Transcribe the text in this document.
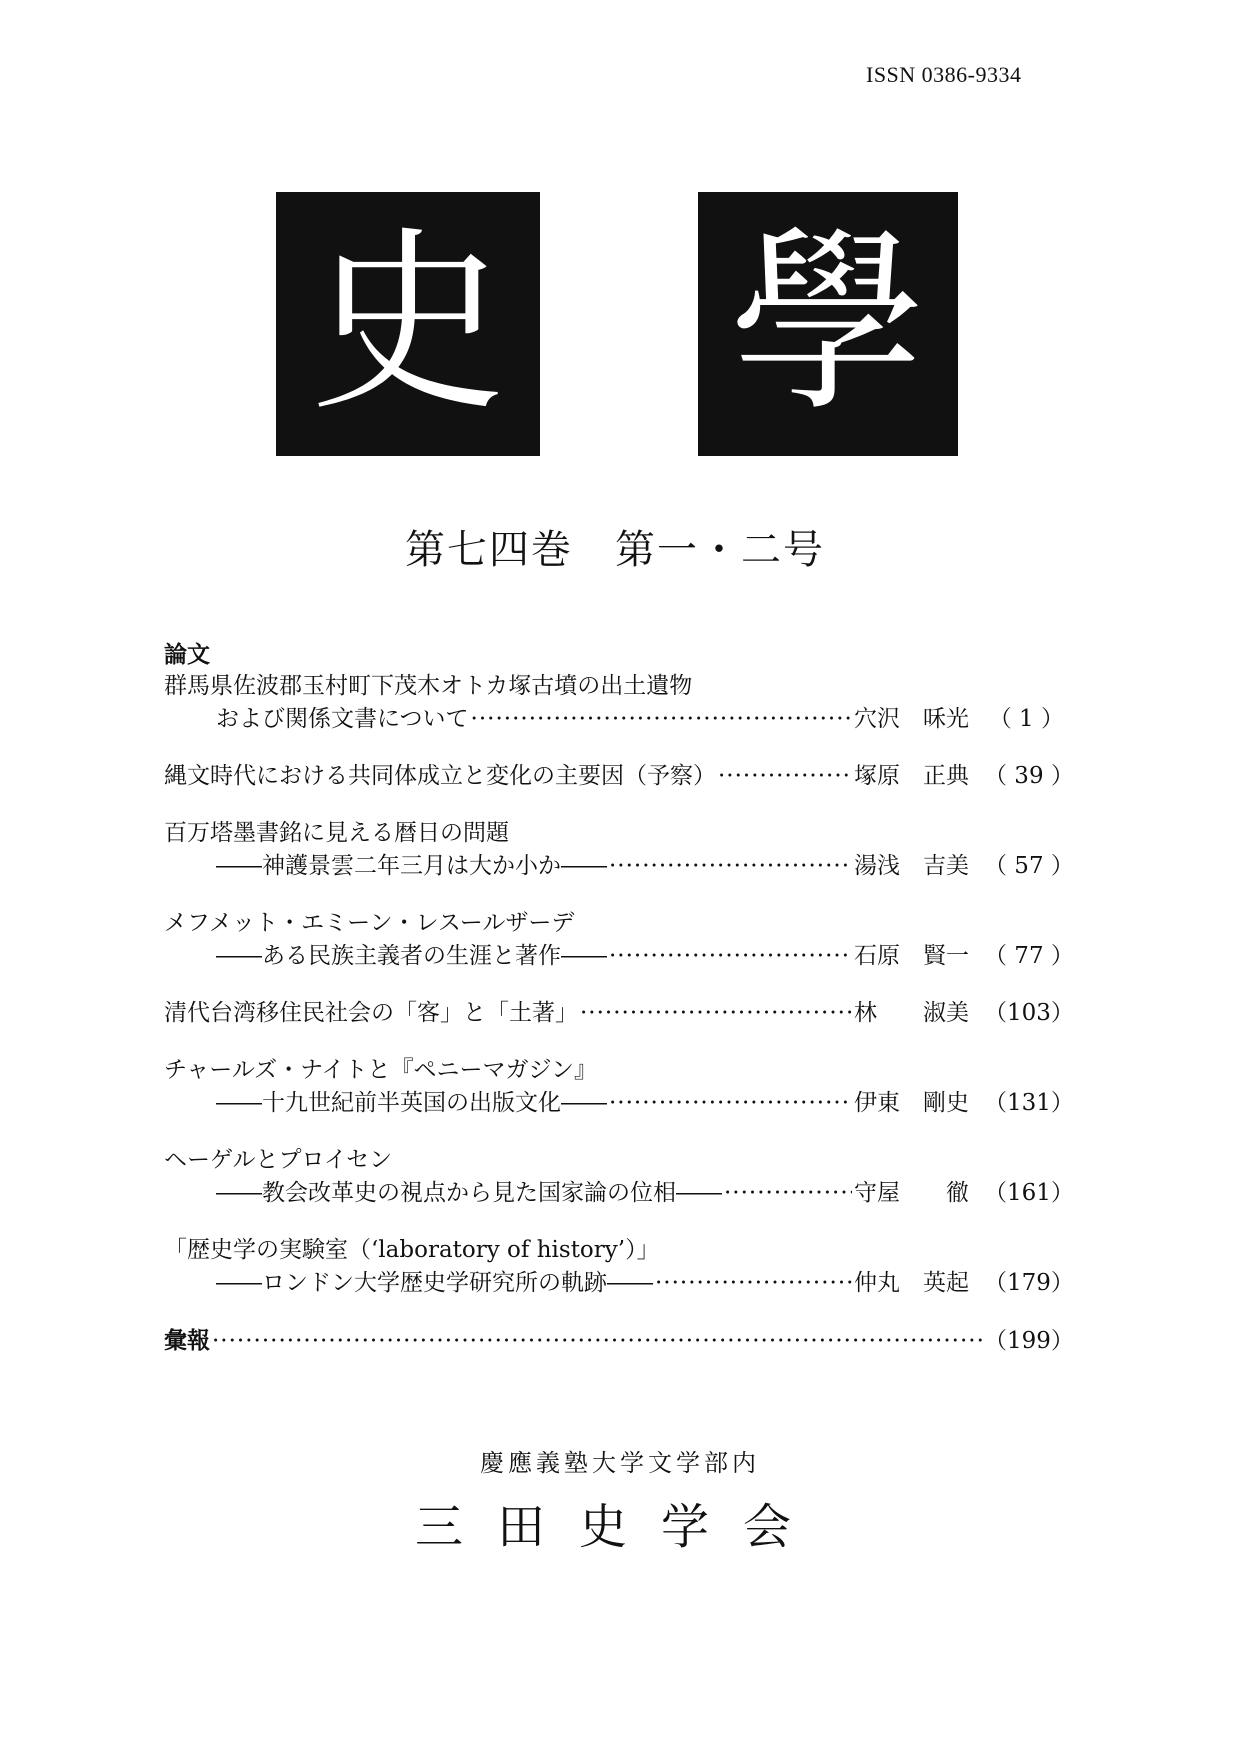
ISSN 0386-9334
史 學
第七四巻　第一・二号
論文
群馬県佐波郡玉村町下茂木オトカ塚古墳の出土遺物
および関係文書について ·····	穴沢　咊光 （ 1 ）
縄文時代における共同体成立と変化の主要因（予察） ·····	塚原　正典 （ 39 ）
百万塔墨書銘に見える暦日の問題
――神護景雲二年三月は大か小か―― ·····	湯浅　吉美 （ 57 ）
メフメット・エミーン・レスールザーデ
――ある民族主義者の生涯と著作―― ·····	石原　賢一 （ 77 ）
清代台湾移住民社会の「客」と「土著」 ·····	林　　淑美 （103）
チャールズ・ナイトと『ペニーマガジン』
――十九世紀前半英国の出版文化―― ·····	伊東　剛史 （131）
ヘーゲルとプロイセン
――教会改革史の視点から見た国家論の位相―― ·····	守屋　　徹 （161）
「歴史学の実験室（‘laboratory of history’）」
――ロンドン大学歴史学研究所の軌跡―― ·····	仲丸　英起 （179）
彙報 ·····	（199）
慶應義塾大学文学部内
三田史学会
